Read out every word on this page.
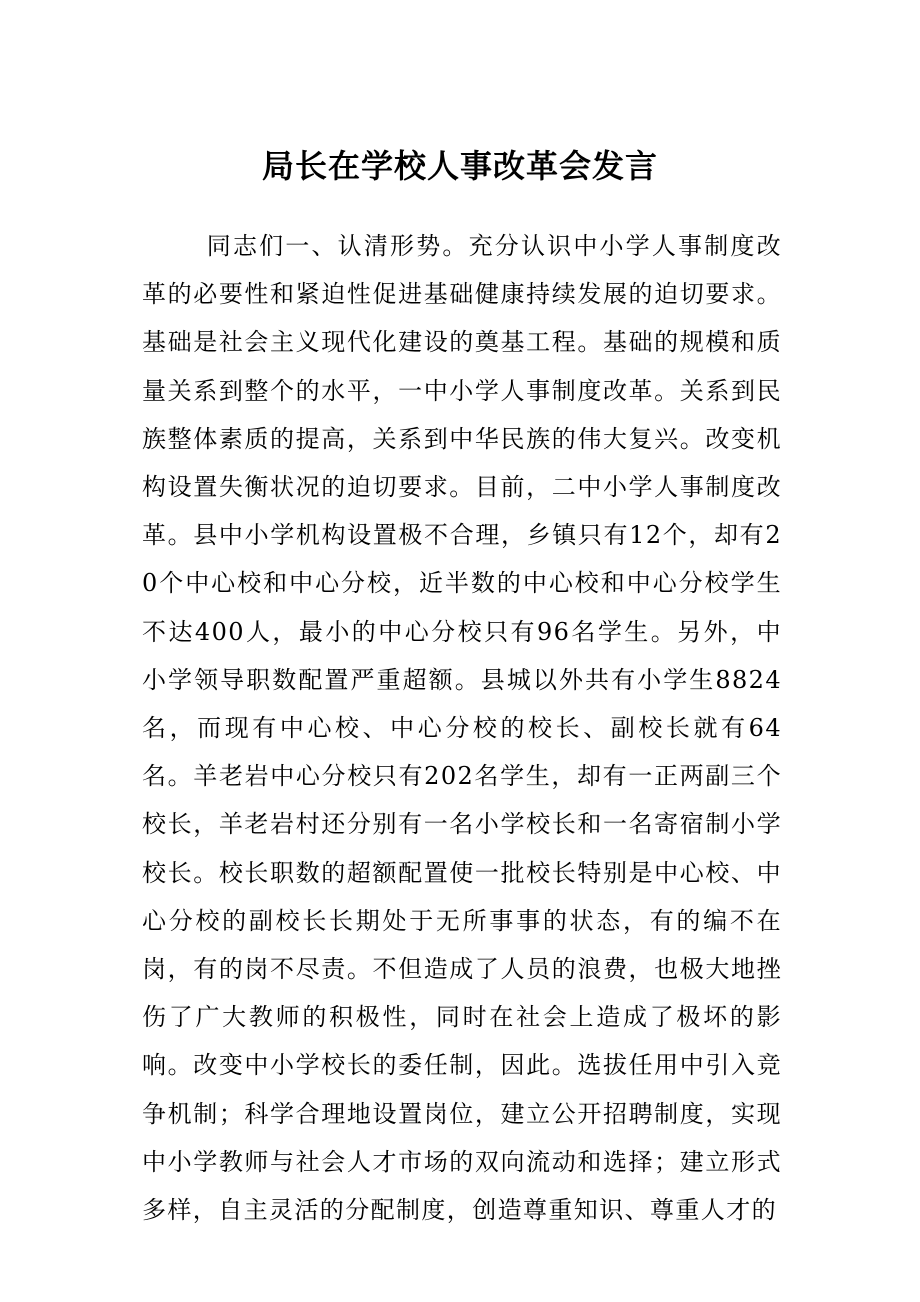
局长在学校人事改革会发言

同志们一、认清形势。充分认识中小学人事制度改革的必要性和紧迫性促进基础健康持续发展的迫切要求。基础是社会主义现代化建设的奠基工程。基础的规模和质量关系到整个的水平，一中小学人事制度改革。关系到民族整体素质的提高，关系到中华民族的伟大复兴。改变机构设置失衡状况的迫切要求。目前，二中小学人事制度改革。县中小学机构设置极不合理，乡镇只有12个，却有20个中心校和中心分校，近半数的中心校和中心分校学生不达400人，最小的中心分校只有96名学生。另外，中小学领导职数配置严重超额。县城以外共有小学生8824名，而现有中心校、中心分校的校长、副校长就有64名。羊老岩中心分校只有202名学生，却有一正两副三个校长，羊老岩村还分别有一名小学校长和一名寄宿制小学校长。校长职数的超额配置使一批校长特别是中心校、中心分校的副校长长期处于无所事事的状态，有的编不在岗，有的岗不尽责。不但造成了人员的浪费，也极大地挫伤了广大教师的积极性，同时在社会上造成了极坏的影响。改变中小学校长的委任制，因此。选拔任用中引入竞争机制；科学合理地设置岗位，建立公开招聘制度，实现中小学教师与社会人才市场的双向流动和选择；建立形式多样，自主灵活的分配制度，创造尊重知识、尊重人才的
